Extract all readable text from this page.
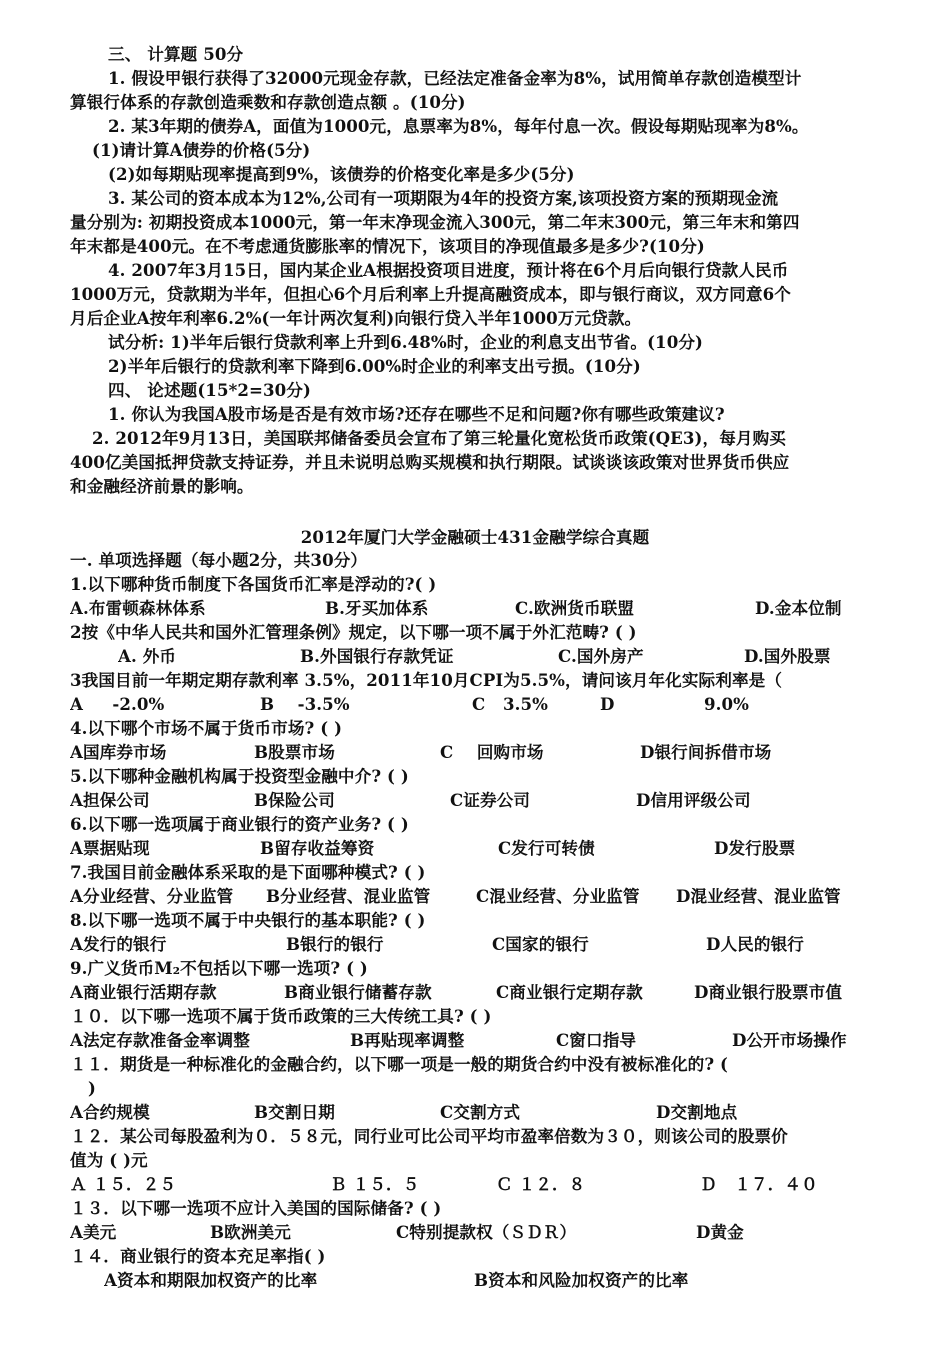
三、 计算题 50分
1. 假设甲银行获得了32000元现金存款，已经法定准备金率为8%，试用简单存款创造模型计
算银行体系的存款创造乘数和存款创造点额 。(10分)
2. 某3年期的债券A，面值为1000元，息票率为8%，每年付息一次。假设每期贴现率为8%。
(1)请计算A债券的价格(5分)
(2)如每期贴现率提高到9%，该债券的价格变化率是多少(5分)
3. 某公司的资本成本为12%,公司有一项期限为4年的投资方案,该项投资方案的预期现金流
量分别为: 初期投资成本1000元，第一年末净现金流入300元，第二年末300元，第三年末和第四
年末都是400元。在不考虑通货膨胀率的情况下，该项目的净现值最多是多少?(10分)
4. 2007年3月15日，国内某企业A根据投资项目进度，预计将在6个月后向银行贷款人民币
1000万元，贷款期为半年，但担心6个月后利率上升提高融资成本，即与银行商议，双方同意6个
月后企业A按年利率6.2%(一年计两次复利)向银行贷入半年1000万元贷款。
试分析: 1)半年后银行贷款利率上升到6.48%时，企业的利息支出节省。(10分)
2)半年后银行的贷款利率下降到6.00%时企业的利率支出亏损。(10分)
四、 论述题(15*2=30分)
1. 你认为我国A股市场是否是有效市场?还存在哪些不足和问题?你有哪些政策建议?
2. 2012年9月13日，美国联邦储备委员会宣布了第三轮量化宽松货币政策(QE3)，每月购买
400亿美国抵押贷款支持证券，并且未说明总购买规模和执行期限。试谈谈该政策对世界货币供应
和金融经济前景的影响。
2012年厦门大学金融硕士431金融学综合真题
一. 单项选择题（每小题2分，共30分）
1.以下哪种货币制度下各国货币汇率是浮动的?( )
A.布雷顿森林体系	B.牙买加体系	C.欧洲货币联盟	D.金本位制
2按《中华人民共和国外汇管理条例》规定，以下哪一项不属于外汇范畴? ( )
A. 外币	B.外国银行存款凭证	C.国外房产	D.国外股票
3我国目前一年期定期存款利率 3.5%，2011年10月CPI为5.5%，请问该月年化实际利率是（
A     -2.0%	B    -3.5%	C   3.5%	D	9.0%
4.以下哪个市场不属于货币市场? ( )
A国库券市场	B股票市场	C    回购市场	D银行间拆借市场
5.以下哪种金融机构属于投资型金融中介? ( )
A担保公司	B保险公司	C证券公司	D信用评级公司
6.以下哪一选项属于商业银行的资产业务? ( )
A票据贴现	B留存收益筹资	C发行可转债	D发行股票
7.我国目前金融体系采取的是下面哪种模式? ( )
A分业经营、分业监管	B分业经营、混业监管	C混业经营、分业监管	D混业经营、混业监管
8.以下哪一选项不属于中央银行的基本职能? ( )
A发行的银行	B银行的银行	C国家的银行	D人民的银行
9.广义货币M₂不包括以下哪一选项? ( )
A商业银行活期存款	B商业银行储蓄存款	C商业银行定期存款	D商业银行股票市值
１０．以下哪一选项不属于货币政策的三大传统工具? ( )
A法定存款准备金率调整	B再贴现率调整	C窗口指导	D公开市场操作
１１．期货是一种标准化的金融合约，以下哪一项是一般的期货合约中没有被标准化的? (
)
A合约规模	B交割日期	C交割方式	D交割地点
１２．某公司每股盈利为０．５８元，同行业可比公司平均市盈率倍数为３０，则该公司的股票价
值为 ( )元
Ａ １５．２５	Ｂ １５．５	Ｃ １２．８	Ｄ   １７．４０
１３．以下哪一选项不应计入美国的国际储备? ( )
A美元	B欧洲美元	C特别提款权（ＳＤＲ）	D黄金
１４．商业银行的资本充足率指( )
A资本和期限加权资产的比率	B资本和风险加权资产的比率
